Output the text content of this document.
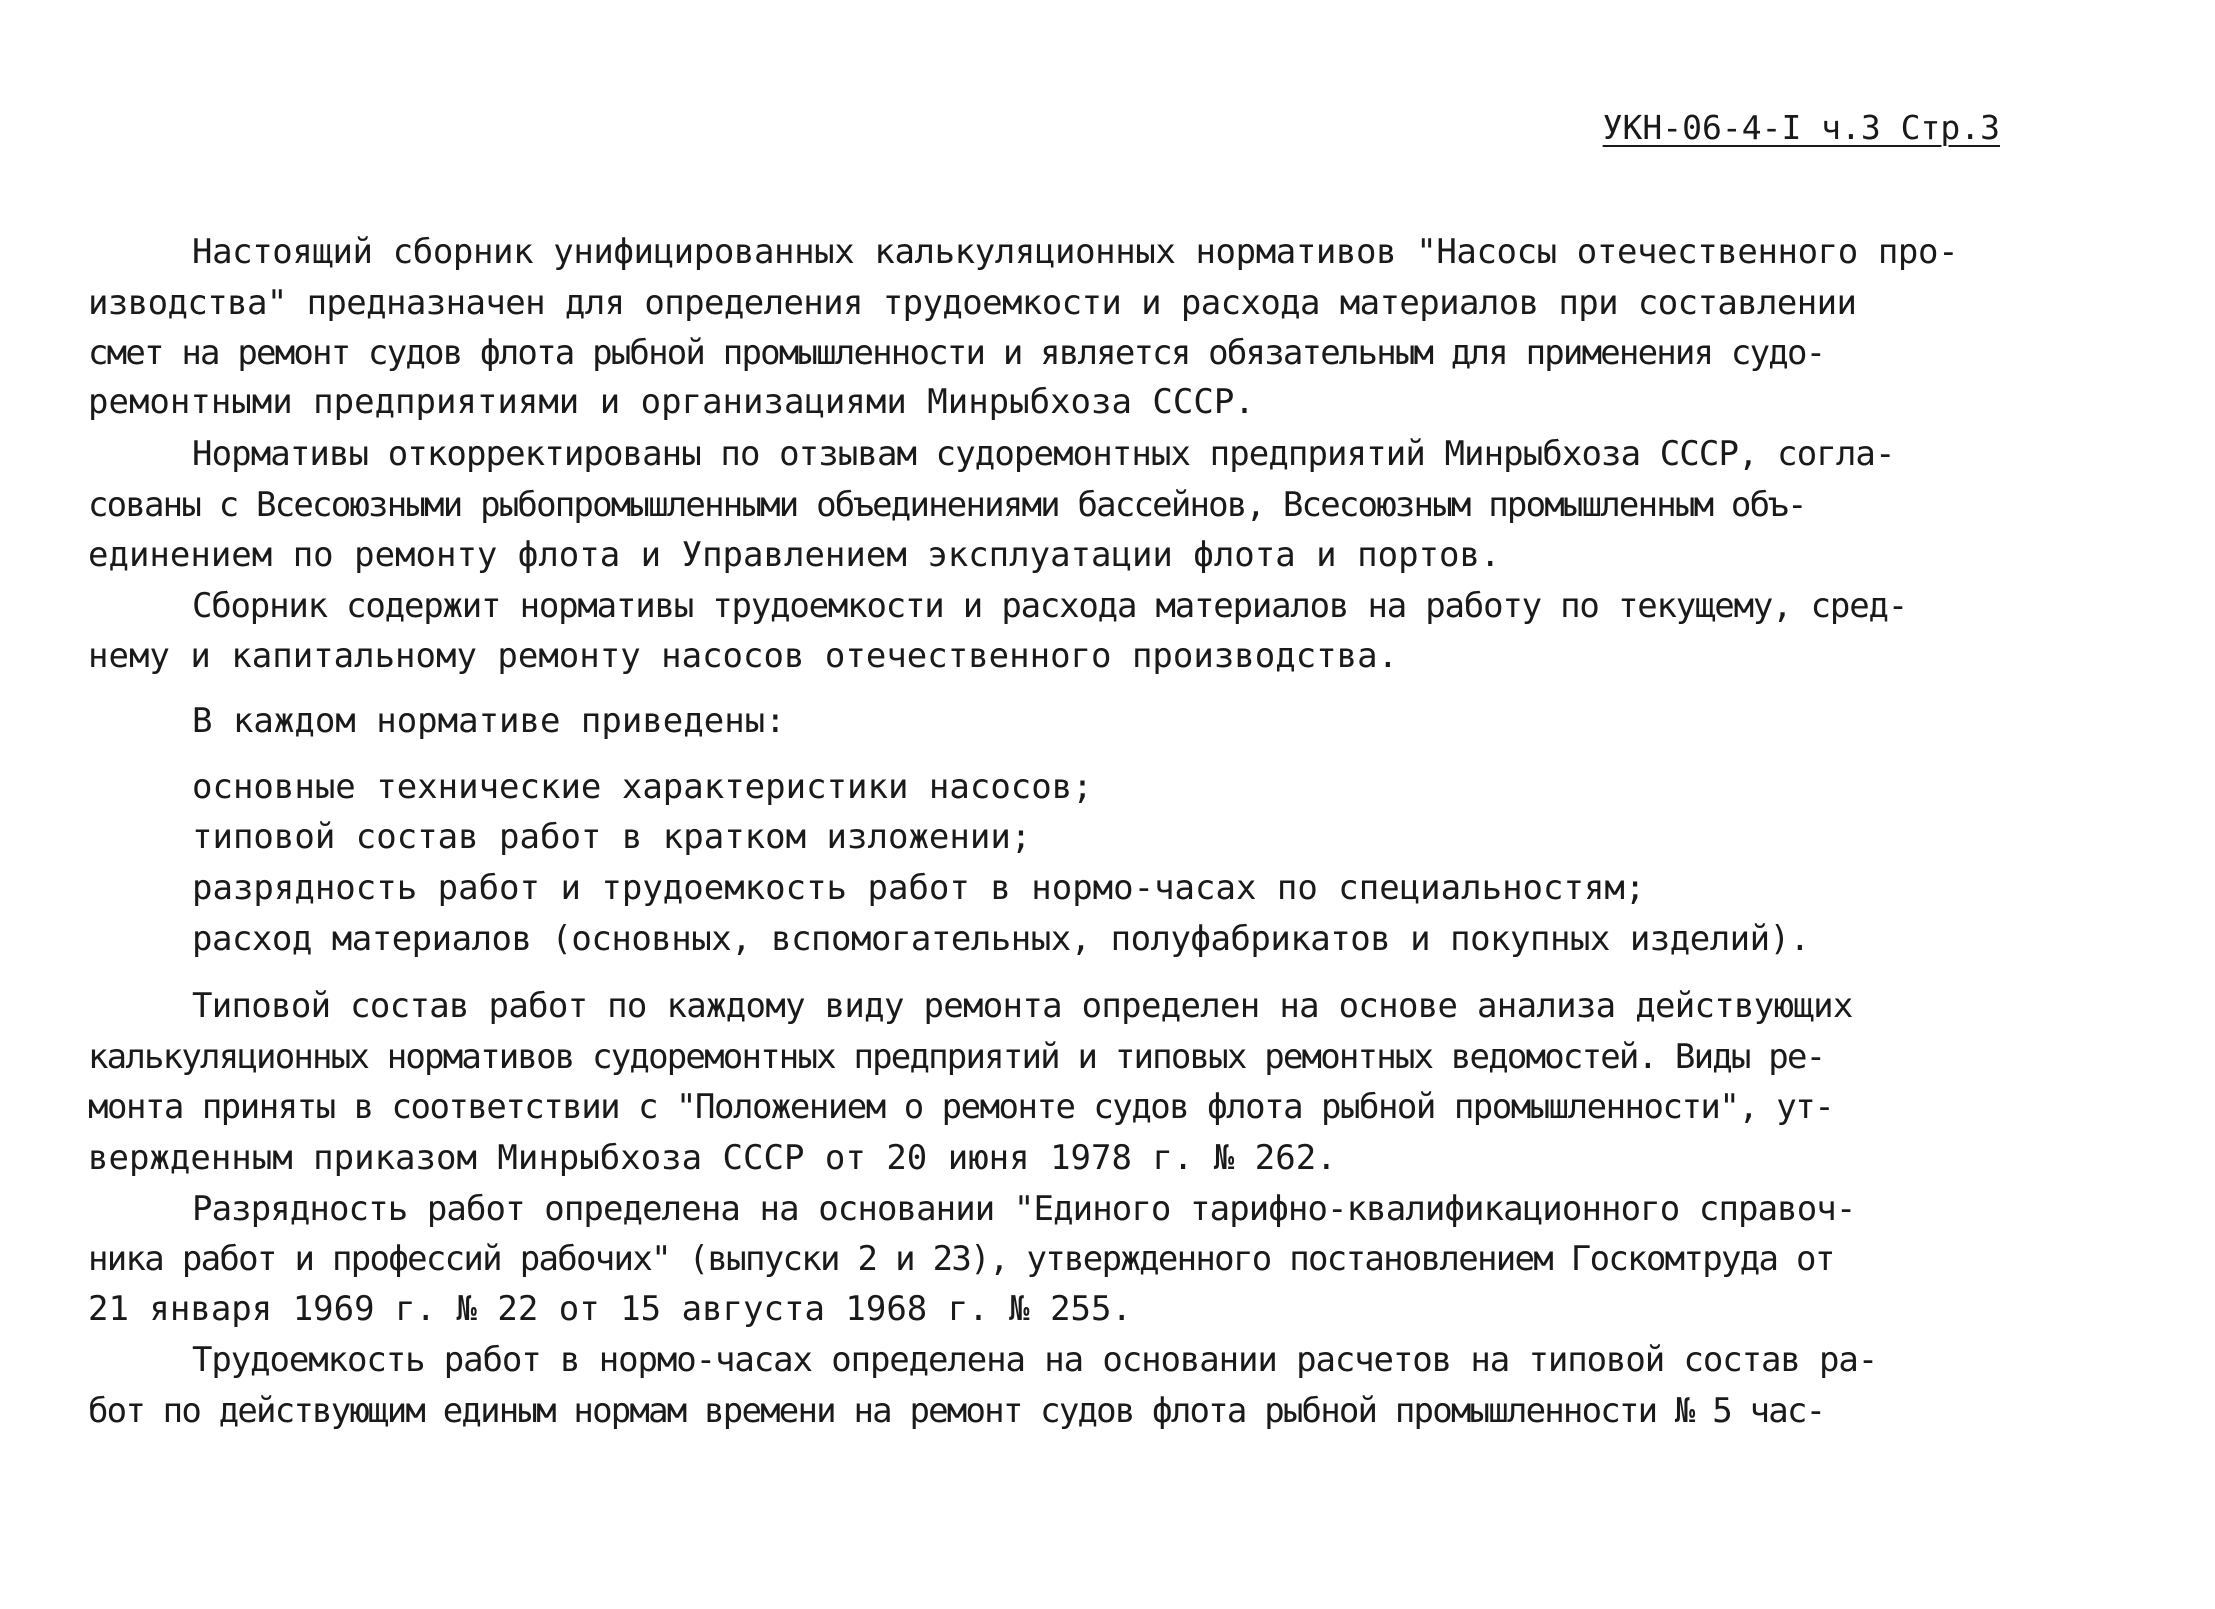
УКН-06-4-I ч.3 Стр.3
Настоящий сборник унифицированных калькуляционных нормативов "Насосы отечественного про-
изводства" предназначен для определения трудоемкости и расхода материалов при составлении
смет на ремонт судов флота рыбной промышленности и является обязательным для применения судо-
ремонтными предприятиями и организациями Минрыбхоза СССР.
Нормативы откорректированы по отзывам судоремонтных предприятий Минрыбхоза СССР, согла-
сованы с Всесоюзными рыбопромышленными объединениями бассейнов, Всесоюзным промышленным объ-
единением по ремонту флота и Управлением эксплуатации флота и портов.
Сборник содержит нормативы трудоемкости и расхода материалов на работу по текущему, сред-
нему и капитальному ремонту насосов отечественного производства.
В каждом нормативе приведены:
основные технические характеристики насосов;
типовой состав работ в кратком изложении;
разрядность работ и трудоемкость работ в нормо-часах по специальностям;
расход материалов (основных, вспомогательных, полуфабрикатов и покупных изделий).
Типовой состав работ по каждому виду ремонта определен на основе анализа действующих
калькуляционных нормативов судоремонтных предприятий и типовых ремонтных ведомостей. Виды ре-
монта приняты в соответствии с "Положением о ремонте судов флота рыбной промышленности", ут-
вержденным приказом Минрыбхоза СССР от 20 июня 1978 г. № 262.
Разрядность работ определена на основании "Единого тарифно-квалификационного справоч-
ника работ и профессий рабочих" (выпуски 2 и 23), утвержденного постановлением Госкомтруда от
21 января 1969 г. № 22 от 15 августа 1968 г. № 255.
Трудоемкость работ в нормо-часах определена на основании расчетов на типовой состав ра-
бот по действующим единым нормам времени на ремонт судов флота рыбной промышленности № 5 час-
